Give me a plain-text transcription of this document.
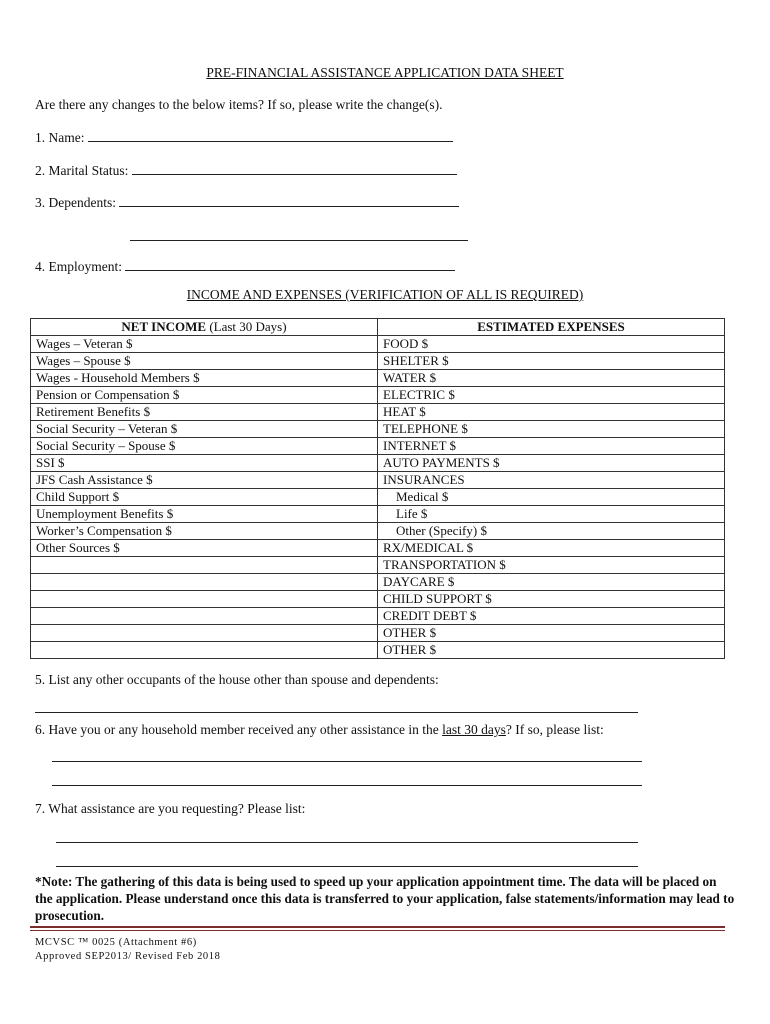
PRE-FINANCIAL ASSISTANCE APPLICATION DATA SHEET
Are there any changes to the below items? If so, please write the change(s).
1. Name:
2. Marital Status:
3. Dependents:
4. Employment:
INCOME AND EXPENSES (VERIFICATION OF ALL IS REQUIRED)
NET INCOME (Last 30 Days)	ESTIMATED EXPENSES
Wages – Veteran $	FOOD $
Wages – Spouse $	SHELTER $
Wages - Household Members $	WATER $
Pension or Compensation $	ELECTRIC $
Retirement Benefits $	HEAT $
Social Security – Veteran $	TELEPHONE $
Social Security – Spouse $	INTERNET $
SSI $	AUTO PAYMENTS $
JFS Cash Assistance $	INSURANCES
Child Support $	Medical $
Unemployment Benefits $	Life $
Worker’s Compensation $	Other (Specify) $
Other Sources $	RX/MEDICAL $
	TRANSPORTATION $
	DAYCARE $
	CHILD SUPPORT $
	CREDIT DEBT $
	OTHER $
	OTHER $
5. List any other occupants of the house other than spouse and dependents:
6. Have you or any household member received any other assistance in the last 30 days? If so, please list:
7. What assistance are you requesting? Please list:
*Note: The gathering of this data is being used to speed up your application appointment time. The data will be placed on the application. Please understand once this data is transferred to your application, false statements/information may lead to prosecution.
MCVSC ™ 0025 (Attachment #6)
Approved SEP2013/ Revised Feb 2018
